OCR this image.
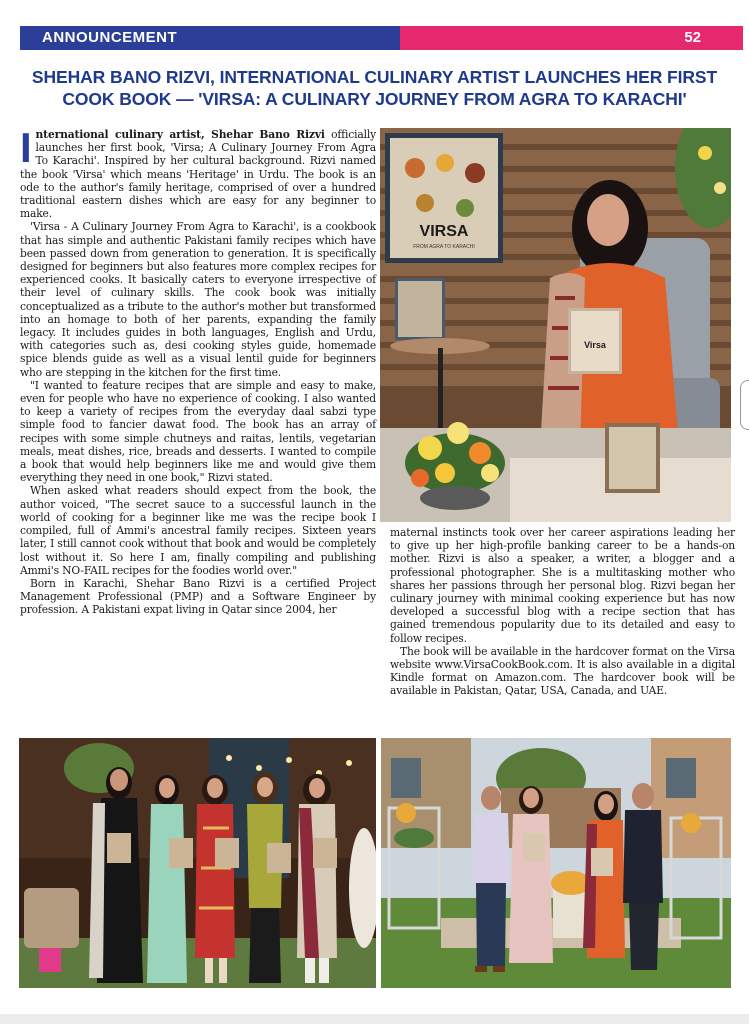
ANNOUNCEMENT	52
SHEHAR BANO RIZVI, INTERNATIONAL CULINARY ARTIST LAUNCHES HER FIRST
COOK BOOK — 'VIRSA: A CULINARY JOURNEY FROM AGRA TO KARACHI'

International culinary artist, Shehar Bano Rizvi officially launches her first book, 'Virsa; A Culinary Journey From Agra To Karachi'. Inspired by her cultural background. Rizvi named the book 'Virsa' which means 'Heritage' in Urdu. The book is an ode to the author's family heritage, comprised of over a hundred traditional eastern dishes which are easy for any beginner to make.

'Virsa - A Culinary Journey From Agra to Karachi', is a cookbook that has simple and authentic Pakistani family recipes which have been passed down from generation to generation. It is specifically designed for beginners but also features more complex recipes for experienced cooks. It basically caters to everyone irrespective of their level of culinary skills. The cook book was initially conceptualized as a tribute to the author's mother but transformed into an homage to both of her parents, expanding the family legacy. It includes guides in both languages, English and Urdu, with categories such as, desi cooking styles guide, homemade spice blends guide as well as a visual lentil guide for beginners who are stepping in the kitchen for the first time.

"I wanted to feature recipes that are simple and easy to make, even for people who have no experience of cooking. I also wanted to keep a variety of recipes from the everyday daal sabzi type simple food to fancier dawat food. The book has an array of recipes with some simple chutneys and raitas, lentils, vegetarian meals, meat dishes, rice, breads and desserts. I wanted to compile a book that would help beginners like me and would give them everything they need in one book," Rizvi stated.

When asked what readers should expect from the book, the author voiced, "The secret sauce to a successful launch in the world of cooking for a beginner like me was the recipe book I compiled, full of Ammi's ancestral family recipes. Sixteen years later, I still cannot cook without that book and would be completely lost without it. So here I am, finally compiling and publishing Ammi's NO-FAIL recipes for the foodies world over."

Born in Karachi, Shehar Bano Rizvi is a certified Project Management Professional (PMP) and a Software Engineer by profession. A Pakistani expat living in Qatar since 2004, her

maternal instincts took over her career aspirations leading her to give up her high-profile banking career to be a hands-on mother. Rizvi is also a speaker, a writer, a blogger and a professional photographer. She is a multitasking mother who shares her passions through her personal blog. Rizvi began her culinary journey with minimal cooking experience but has now developed a successful blog with a recipe section that has gained tremendous popularity due to its detailed and easy to follow recipes.

The book will be available in the hardcover format on the Virsa website www.VirsaCookBook.com. It is also available in a digital Kindle format on Amazon.com. The hardcover book will be available in Pakistan, Qatar, USA, Canada, and UAE.

VIRSA
FROM AGRA TO KARACHI
Virsa
